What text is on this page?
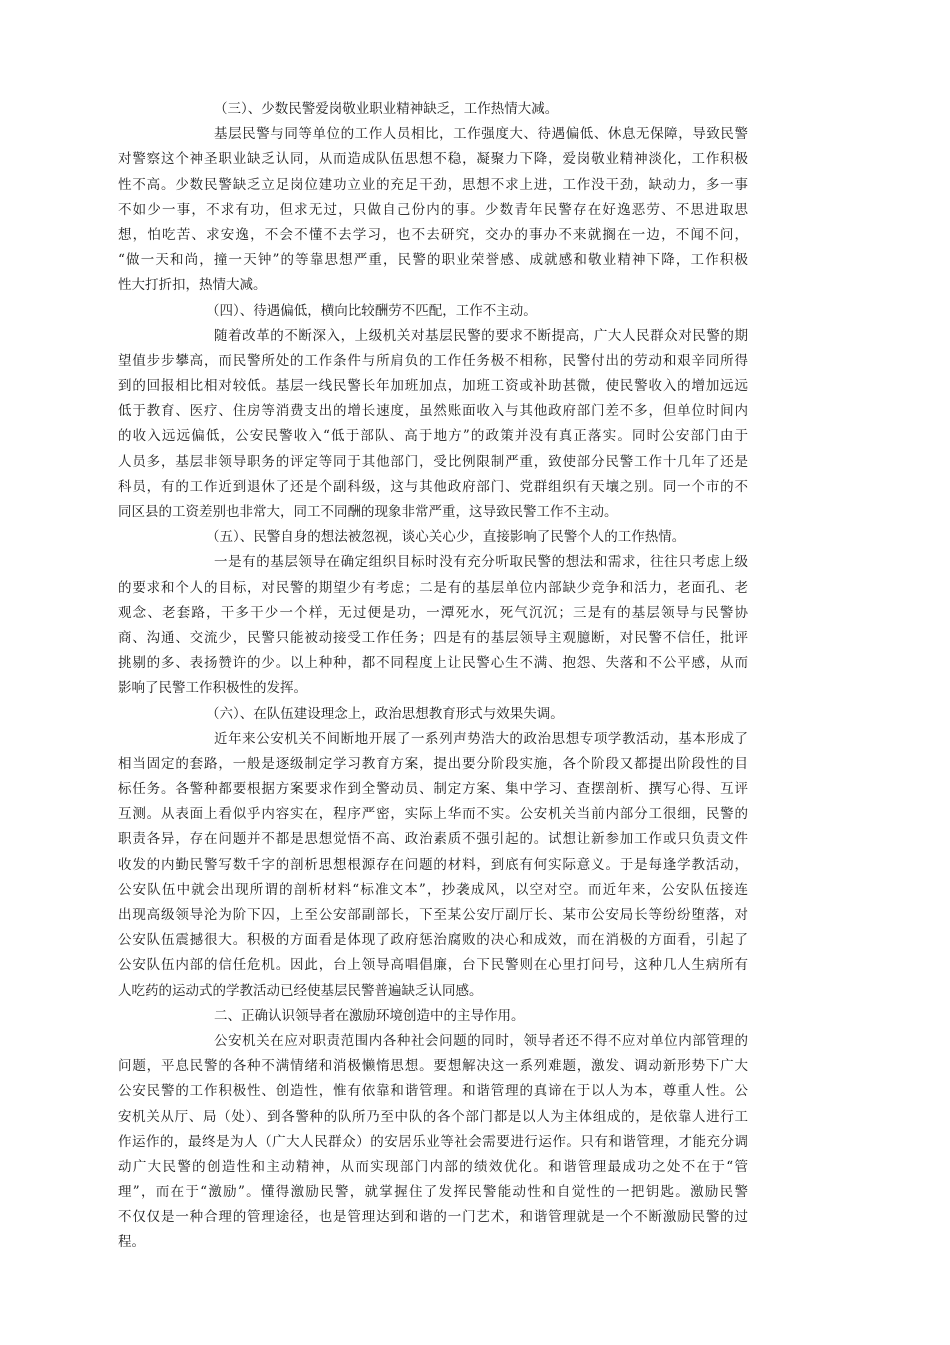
（三）、少数民警爱岗敬业职业精神缺乏，工作热情大减。
基层民警与同等单位的工作人员相比，工作强度大、待遇偏低、休息无保障，导致民警
对警察这个神圣职业缺乏认同，从而造成队伍思想不稳，凝聚力下降，爱岗敬业精神淡化，工作积极
性不高。少数民警缺乏立足岗位建功立业的充足干劲，思想不求上进，工作没干劲，缺动力，多一事
不如少一事，不求有功，但求无过，只做自己份内的事。少数青年民警存在好逸恶劳、不思进取思
想，怕吃苦、求安逸，不会不懂不去学习，也不去研究，交办的事办不来就搁在一边，不闻不问，
“做一天和尚，撞一天钟”的等靠思想严重，民警的职业荣誉感、成就感和敬业精神下降，工作积极
性大打折扣，热情大减。
（四）、待遇偏低，横向比较酬劳不匹配，工作不主动。
随着改革的不断深入，上级机关对基层民警的要求不断提高，广大人民群众对民警的期
望值步步攀高，而民警所处的工作条件与所肩负的工作任务极不相称，民警付出的劳动和艰辛同所得
到的回报相比相对较低。基层一线民警长年加班加点，加班工资或补助甚微，使民警收入的增加远远
低于教育、医疗、住房等消费支出的增长速度，虽然账面收入与其他政府部门差不多，但单位时间内
的收入远远偏低，公安民警收入“低于部队、高于地方”的政策并没有真正落实。同时公安部门由于
人员多，基层非领导职务的评定等同于其他部门，受比例限制严重，致使部分民警工作十几年了还是
科员，有的工作近到退休了还是个副科级，这与其他政府部门、党群组织有天壤之别。同一个市的不
同区县的工资差别也非常大，同工不同酬的现象非常严重，这导致民警工作不主动。
（五）、民警自身的想法被忽视，谈心关心少，直接影响了民警个人的工作热情。
一是有的基层领导在确定组织目标时没有充分听取民警的想法和需求，往往只考虑上级
的要求和个人的目标，对民警的期望少有考虑；二是有的基层单位内部缺少竞争和活力，老面孔、老
观念、老套路，干多干少一个样，无过便是功，一潭死水，死气沉沉；三是有的基层领导与民警协
商、沟通、交流少，民警只能被动接受工作任务；四是有的基层领导主观臆断，对民警不信任，批评
挑剔的多、表扬赞许的少。以上种种，都不同程度上让民警心生不满、抱怨、失落和不公平感，从而
影响了民警工作积极性的发挥。
（六）、在队伍建设理念上，政治思想教育形式与效果失调。
近年来公安机关不间断地开展了一系列声势浩大的政治思想专项学教活动，基本形成了
相当固定的套路，一般是逐级制定学习教育方案，提出要分阶段实施，各个阶段又都提出阶段性的目
标任务。各警种都要根据方案要求作到全警动员、制定方案、集中学习、查摆剖析、撰写心得、互评
互测。从表面上看似乎内容实在，程序严密，实际上华而不实。公安机关当前内部分工很细，民警的
职责各异，存在问题并不都是思想觉悟不高、政治素质不强引起的。试想让新参加工作或只负责文件
收发的内勤民警写数千字的剖析思想根源存在问题的材料，到底有何实际意义。于是每逢学教活动，
公安队伍中就会出现所谓的剖析材料“标准文本”，抄袭成风，以空对空。而近年来，公安队伍接连
出现高级领导沦为阶下囚，上至公安部副部长，下至某公安厅副厅长、某市公安局长等纷纷堕落，对
公安队伍震撼很大。积极的方面看是体现了政府惩治腐败的决心和成效，而在消极的方面看，引起了
公安队伍内部的信任危机。因此，台上领导高唱倡廉，台下民警则在心里打问号，这种几人生病所有
人吃药的运动式的学教活动已经使基层民警普遍缺乏认同感。
二、正确认识领导者在激励环境创造中的主导作用。
公安机关在应对职责范围内各种社会问题的同时，领导者还不得不应对单位内部管理的
问题，平息民警的各种不满情绪和消极懒惰思想。要想解决这一系列难题，激发、调动新形势下广大
公安民警的工作积极性、创造性，惟有依靠和谐管理。和谐管理的真谛在于以人为本，尊重人性。公
安机关从厅、局（处）、到各警种的队所乃至中队的各个部门都是以人为主体组成的，是依靠人进行工
作运作的，最终是为人（广大人民群众）的安居乐业等社会需要进行运作。只有和谐管理，才能充分调
动广大民警的创造性和主动精神，从而实现部门内部的绩效优化。和谐管理最成功之处不在于“管
理”，而在于“激励”。懂得激励民警，就掌握住了发挥民警能动性和自觉性的一把钥匙。激励民警
不仅仅是一种合理的管理途径，也是管理达到和谐的一门艺术，和谐管理就是一个不断激励民警的过
程。
